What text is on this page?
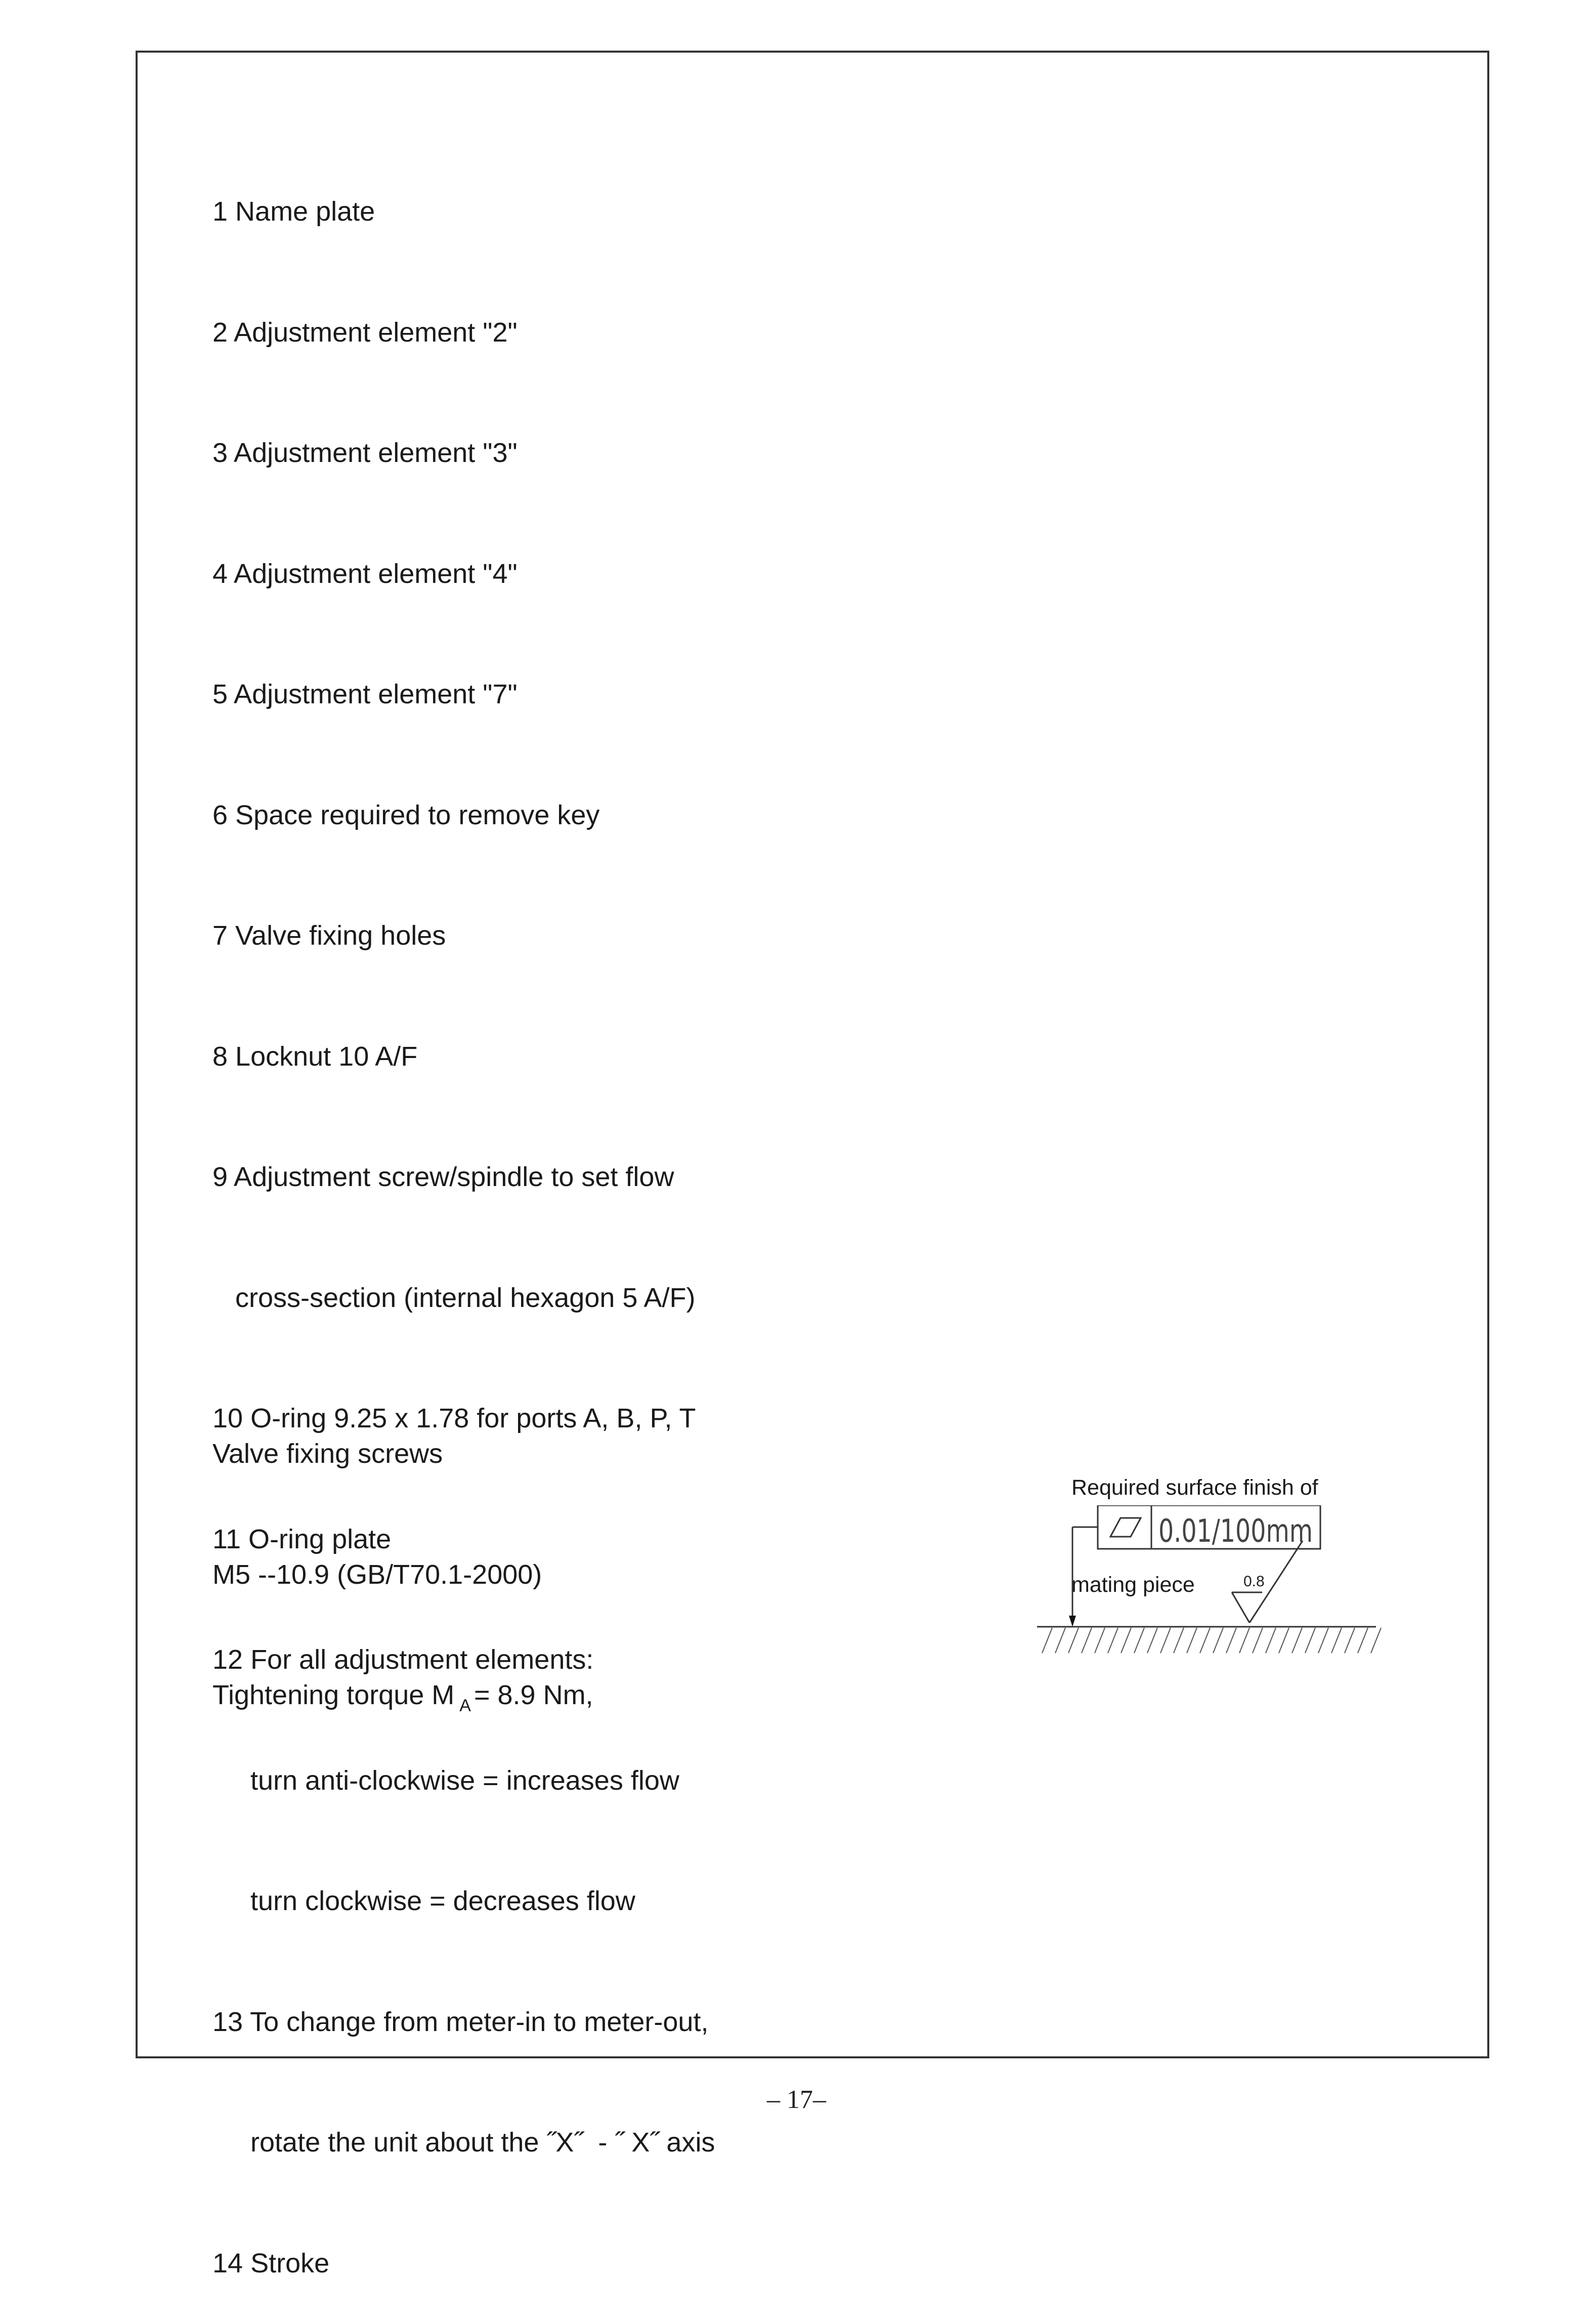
1 Name plate

2 Adjustment element "2"

3 Adjustment element "3"

4 Adjustment element "4"

5 Adjustment element "7"

6 Space required to remove key

7 Valve fixing holes

8 Locknut 10 A/F

9 Adjustment screw/spindle to set flow

cross-section (internal hexagon 5 A/F)

10 O-ring 9.25 x 1.78 for ports A, B, P, T

11 O-ring plate

12 For all adjustment elements:

turn anti-clockwise = increases flow

turn clockwise = decreases flow

13 To change from meter-in to meter-out,

rotate the unit about the ˝X˝  - ˝ X˝ axis

14 Stroke

Valve fixing screws

M5 --10.9 (GB/T70.1-2000)

Tightening torque M $_A$ = 8.9 Nm,

Required surface finish of

mating piece

0.01/100mm
0.8
– 17–
